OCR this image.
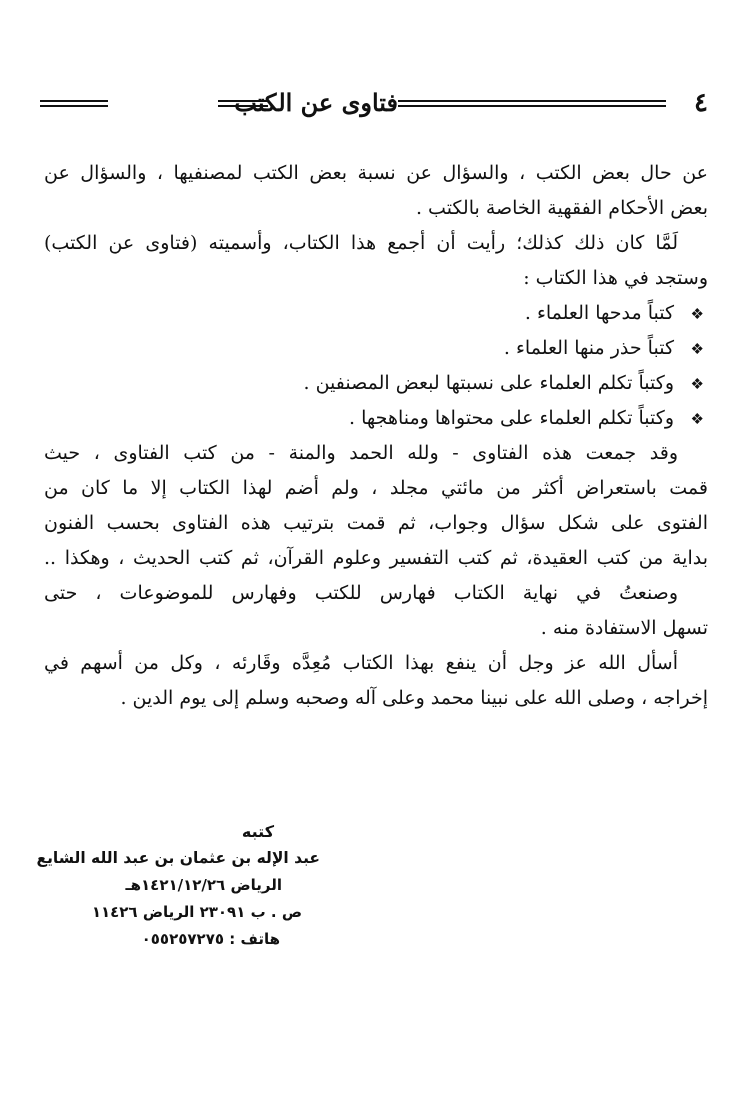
٤
فتاوى عن الكتب
عن حال بعض الكتب ، والسؤال عن نسبة بعض الكتب لمصنفيها ، والسؤال عن
بعض الأحكام الفقهية الخاصة بالكتب .
لَمَّا كان ذلك كذلك؛ رأيت أن أجمع هذا الكتاب، وأسميته (فتاوى عن الكتب)
وستجد في هذا الكتاب :
❖كتباً مدحها العلماء .
❖كتباً حذر منها العلماء .
❖وكتباً تكلم العلماء على نسبتها لبعض المصنفين .
❖وكتباً تكلم العلماء على محتواها ومناهجها .
وقد جمعت هذه الفتاوى - ولله الحمد والمنة - من كتب الفتاوى ، حيث
قمت باستعراض أكثر من مائتي مجلد ، ولم أضم لهذا الكتاب إلا ما كان من
الفتوى على شكل سؤال وجواب، ثم قمت بترتيب هذه الفتاوى بحسب الفنون
بداية من كتب العقيدة، ثم كتب التفسير وعلوم القرآن، ثم كتب الحديث ، وهكذا ..
وصنعتُ في نهاية الكتاب فهارس للكتب وفهارس للموضوعات ، حتى
تسهل الاستفادة منه .
أسأل الله عز وجل أن ينفع بهذا الكتاب مُعِدَّه وقَارئه ، وكل من أسهم في
إخراجه ، وصلى الله على نبينا محمد وعلى آله وصحبه وسلم إلى يوم الدين .
كتبه
عبد الإله بن عثمان بن عبد الله الشايع
الرياض ١٤٢١/١٢/٢٦هـ
ص . ب ٢٣٠٩١ الرياض ١١٤٢٦
هاتف : ٠٥٥٢٥٧٢٧٥
